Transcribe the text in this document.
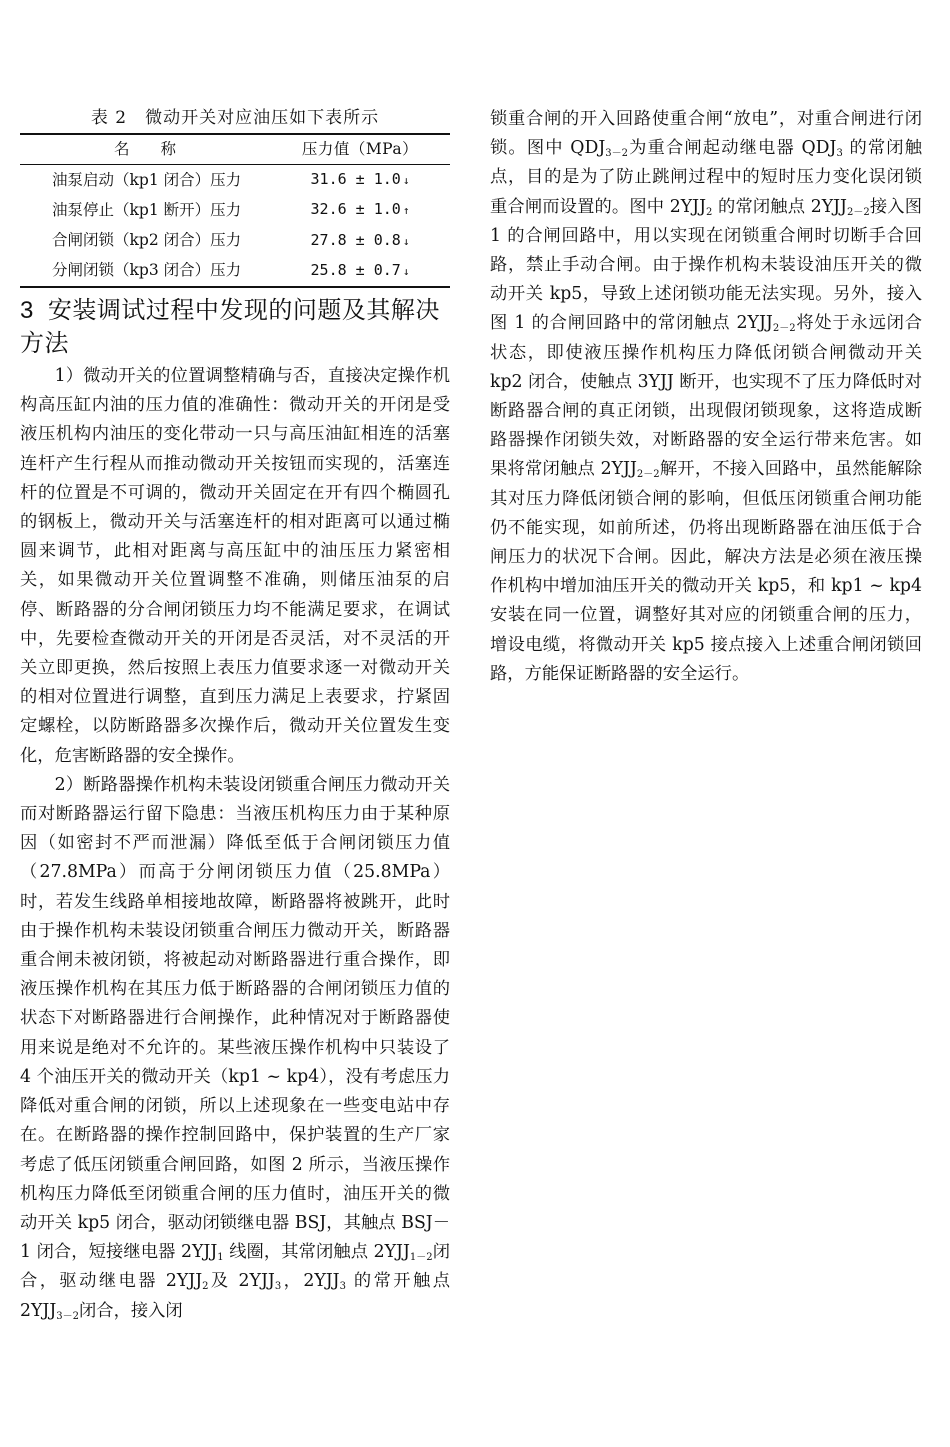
表 2　微动开关对应油压如下表所示
名称	压力值（MPa）
油泵启动（kp1 闭合）压力	31.6 ± 1.0 ↓
油泵停止（kp1 断开）压力	32.6 ± 1.0 ↑
合闸闭锁（kp2 闭合）压力	27.8 ± 0.8 ↓
分闸闭锁（kp3 闭合）压力	25.8 ± 0.7 ↓
3 安装调试过程中发现的问题及其解决方法

1）微动开关的位置调整精确与否，直接决定操作机构高压缸内油的压力值的准确性：微动开关的开闭是受液压机构内油压的变化带动一只与高压油缸相连的活塞连杆产生行程从而推动微动开关按钮而实现的，活塞连杆的位置是不可调的，微动开关固定在开有四个椭圆孔的钢板上，微动开关与活塞连杆的相对距离可以通过椭圆来调节，此相对距离与高压缸中的油压压力紧密相关，如果微动开关位置调整不准确，则储压油泵的启停、断路器的分合闸闭锁压力均不能满足要求，在调试中，先要检查微动开关的开闭是否灵活，对不灵活的开关立即更换，然后按照上表压力值要求逐一对微动开关的相对位置进行调整，直到压力满足上表要求，拧紧固定螺栓，以防断路器多次操作后，微动开关位置发生变化，危害断路器的安全操作。

2）断路器操作机构未装设闭锁重合闸压力微动开关而对断路器运行留下隐患：当液压机构压力由于某种原因（如密封不严而泄漏）降低至低于合闸闭锁压力值（27.8MPa）而高于分闸闭锁压力值（25.8MPa）时，若发生线路单相接地故障，断路器将被跳开，此时由于操作机构未装设闭锁重合闸压力微动开关，断路器重合闸未被闭锁，将被起动对断路器进行重合操作，即液压操作机构在其压力低于断路器的合闸闭锁压力值的状态下对断路器进行合闸操作，此种情况对于断路器使用来说是绝对不允许的。某些液压操作机构中只装设了 4 个油压开关的微动开关（kp1 ~ kp4），没有考虑压力降低对重合闸的闭锁，所以上述现象在一些变电站中存在。在断路器的操作控制回路中，保护装置的生产厂家考虑了低压闭锁重合闸回路，如图 2 所示，当液压操作机构压力降低至闭锁重合闸的压力值时，油压开关的微动开关 kp5 闭合，驱动闭锁继电器 BSJ，其触点 BSJ－1 闭合，短接继电器 $2YJJ_1$ 线圈，其常闭触点 $2YJJ_{1-2}$闭合，驱动继电器 $2YJJ_2$及 $2YJJ_3$，$2YJJ_3$ 的常开触点 $2YJJ_{3-2}$闭合，接入闭

锁重合闸的开入回路使重合闸“放电”，对重合闸进行闭锁。图中 $QDJ_{3-2}$为重合闸起动继电器 $QDJ_3$ 的常闭触点，目的是为了防止跳闸过程中的短时压力变化误闭锁重合闸而设置的。图中 $2YJJ_2$ 的常闭触点 $2YJJ_{2-2}$接入图 1 的合闸回路中，用以实现在闭锁重合闸时切断手合回路，禁止手动合闸。由于操作机构未装设油压开关的微动开关 kp5，导致上述闭锁功能无法实现。另外，接入图 1 的合闸回路中的常闭触点 $2YJJ_{2-2}$将处于永远闭合状态，即使液压操作机构压力降低闭锁合闸微动开关 kp2 闭合，使触点 3YJJ 断开，也实现不了压力降低时对断路器合闸的真正闭锁，出现假闭锁现象，这将造成断路器操作闭锁失效，对断路器的安全运行带来危害。如果将常闭触点 $2YJJ_{2-2}$解开，不接入回路中，虽然能解除其对压力降低闭锁合闸的影响，但低压闭锁重合闸功能仍不能实现，如前所述，仍将出现断路器在油压低于合闸压力的状况下合闸。因此，解决方法是必须在液压操作机构中增加油压开关的微动开关 kp5，和 kp1 ~ kp4 安装在同一位置，调整好其对应的闭锁重合闸的压力，增设电缆，将微动开关 kp5 接点接入上述重合闸闭锁回路，方能保证断路器的安全运行。
